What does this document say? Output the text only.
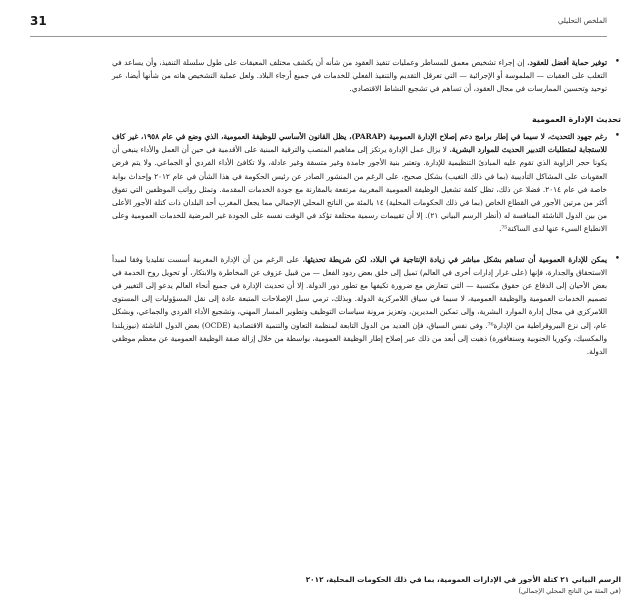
31	الملخص التحليلي
•

توفير حماية أفضل للعقود. إن إجراء تشخيص معمق للمساطر وعمليات تنفيذ العقود من شأنه أن يكشف مختلف المعيقات على طول سلسلة التنفيذ، وأن يساعد في التغلب على العقبات — الملموسة أو الإجرائية — التي تعرقل التقديم والتنفيذ الفعلي للخدمات في جميع أرجاء البلاد. ولعل عملية التشخيص هاته من شأنها أيضا، عبر توحيد وتحسين الممارسات في مجال العقود، أن تساهم في تشجيع النشاط الاقتصادي.

تحديث الإدارة العمومية
•

رغم جهود التحديث، لا سيما في إطار برامج دعم إصلاح الإدارة العمومية (PARAP)، يظل القانون الأساسي للوظيفة العمومية، الذي وضع في عام ١٩٥٨، غير كاف للاستجابة لمتطلبات التدبير الحديث للموارد البشرية. لا يزال عمل الإدارة يرتكز إلى مفاهيم المنصب والترقية المبنية على الأقدمية في حين أن العمل والأداء ينبغي أن يكونا حجر الزاوية الذي تقوم عليه المبادئ التنظيمية للإدارة. وتعتبر بنية الأجور جامدة وغير متسقة وغير عادلة، ولا تكافئ الأداء الفردي أو الجماعي. ولا يتم فرض العقوبات على المشاكل التأديبية (بما في ذلك التغيب) بشكل صحيح، على الرغم من المنشور الصادر عن رئيس الحكومة في هذا الشأن في عام ٢٠١٢ وإحداث بوابة خاصة في عام ٢٠١٤. فضلا عن ذلك، تظل كلفة تشغيل الوظيفة العمومية المغربية مرتفعة بالمقارنة مع جودة الخدمات المقدمة. وتمثل رواتب الموظفين التي تفوق أكثر من مرتين الأجور في القطاع الخاص (بما في ذلك الحكومات المحلية) ١٤ بالمئة من الناتج المحلي الإجمالي مما يجعل المغرب أحد البلدان ذات كتلة الأجور الأعلى من بين الدول الناشئة المنافسة له (أنظر الرسم البياني ٢١). إلا أن تقييمات رسمية محتلفة تؤكد في الوقت نفسه على الجودة غير المرضية للخدمات العمومية وعلى الانطباع السيء عنها لدى الساكنة⁷⁵.

•

يمكن للإدارة العمومية أن تساهم بشكل مباشر في زيادة الإنتاجية في البلاد، لكن شريطة تحديثها. على الرغم من أن الإدارة المغربية أسست تقليديا وفقا لمبدأ الاستحقاق والجدارة، فإنها (على غرار إدارات أخرى في العالم) تميل إلى خلق بعض ردود الفعل — من قبيل عزوف عن المخاطرة والابتكار، أو تحويل روح الخدمة في بعض الأحيان إلى الدفاع عن حقوق مكتسبة — التي تتعارض مع ضرورة تكيفها مع تطور دور الدولة. إلا أن تحديث الإدارة في جميع أنحاء العالم يدعو إلى التغيير في تصميم الخدمات العمومية والوظيفة العمومية، لا سيما في سياق اللامركزية الدولة. وبذلك، ترمي سبل الإصلاحات المتبعة عادة إلى نقل المسؤوليات إلى المستوى اللامركزي في مجال إدارة الموارد البشرية، وإلى تمكين المديرين، وتعزيز مرونة سياسات التوظيف وتطوير المسار المهني، وتشجيع الأداء الفردي والجماعي، وبشكل عام، إلى نزع البيروقراطية من الإدارة⁷⁶. وفي نفس السياق، فإن العديد من الدول التابعة لمنظمة التعاون والتنمية الاقتصادية (OCDE) بعض الدول الناشئة (نيوزيلندا والمكسيك، وكوريا الجنوبية وسنغافورة) ذهبت إلى أبعد من ذلك عبر إصلاح إطار الوظيفة العمومية، بواسطة من خلال إزالة صفة الوظيفة العمومية عن معظم موظفي الدولة.

الرسم البياني ٢١ كتلة الأجور في الإدارات العمومية، بما في ذلك الحكومات المحلية، ٢٠١٢
(في المئة من الناتج المحلي الإجمالي)
